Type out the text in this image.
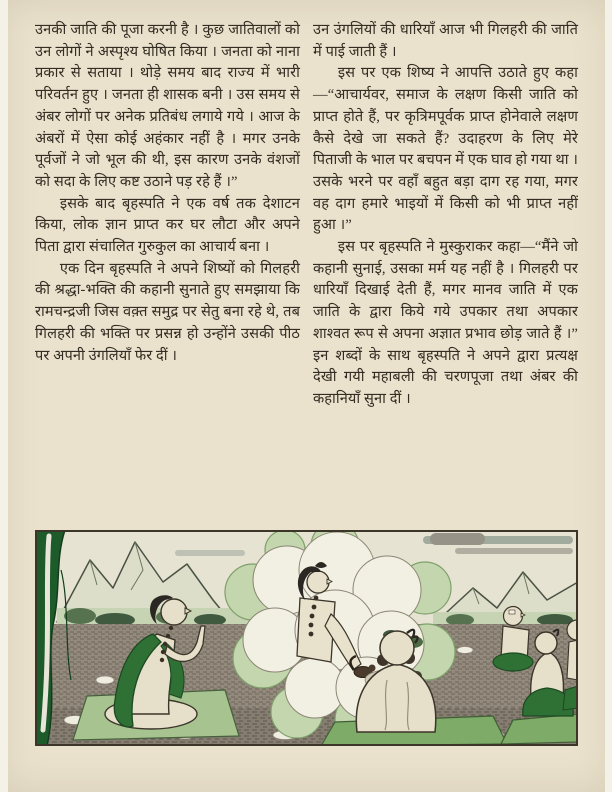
उनकी जाति की पूजा करनी है । कुछ जातिवालों को उन लोगों ने अस्पृश्य घोषित किया । जनता को नाना प्रकार से सताया । थोड़े समय बाद राज्य में भारी परिवर्तन हुए । जनता ही शासक बनी । उस समय से अंबर लोगों पर अनेक प्रतिबंध लगाये गये । आज के अंबरों में ऐसा कोई अहंकार नहीं है । मगर उनके पूर्वजों ने जो भूल की थी, इस कारण उनके वंशजों को सदा के लिए कष्ट उठाने पड़ रहे हैं ।”

इसके बाद बृहस्पति ने एक वर्ष तक देशाटन किया, लोक ज्ञान प्राप्त कर घर लौटा और अपने पिता द्वारा संचालित गुरुकुल का आचार्य बना ।

एक दिन बृहस्पति ने अपने शिष्यों को गिलहरी की श्रद्धा-भक्ति की कहानी सुनाते हुए समझाया कि रामचन्द्रजी जिस वक़्त समुद्र पर सेतु बना रहे थे, तब गिलहरी की भक्ति पर प्रसन्न हो उन्होंने उसकी पीठ पर अपनी उंगलियाँ फेर दीं ।

उन उंगलियों की धारियाँ आज भी गिलहरी की जाति में पाई जाती हैं ।

इस पर एक शिष्य ने आपत्ति उठाते हुए कहा—“आचार्यवर, समाज के लक्षण किसी जाति को प्राप्त होते हैं, पर कृत्रिमपूर्वक प्राप्त होनेवाले लक्षण कैसे देखे जा सकते हैं? उदाहरण के लिए मेरे पिताजी के भाल पर बचपन में एक घाव हो गया था । उसके भरने पर वहाँ बहुत बड़ा दाग रह गया, मगर वह दाग हमारे भाइयों में किसी को भी प्राप्त नहीं हुआ ।”

इस पर बृहस्पति ने मुस्कुराकर कहा—“मैंने जो कहानी सुनाई, उसका मर्म यह नहीं है । गिलहरी पर धारियाँ दिखाई देती हैं, मगर मानव जाति में एक जाति के द्वारा किये गये उपकार तथा अपकार शाश्वत रूप से अपना अज्ञात प्रभाव छोड़ जाते हैं ।” इन शब्दों के साथ बृहस्पति ने अपने द्वारा प्रत्यक्ष देखी गयी महाबली की चरणपूजा तथा अंबर की कहानियाँ सुना दीं ।
